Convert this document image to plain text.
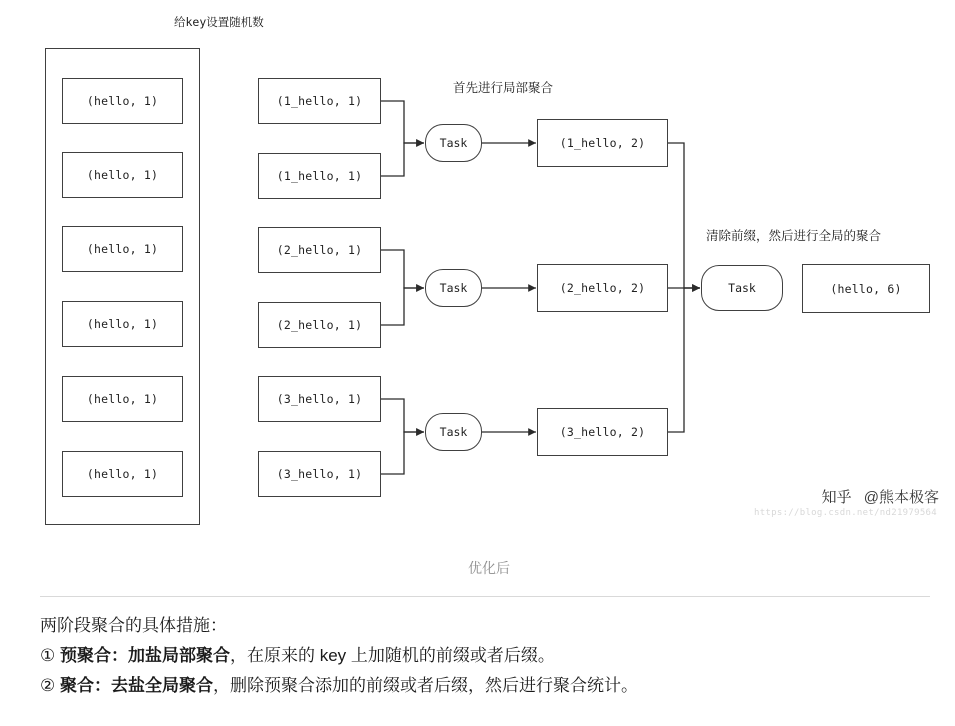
给key设置随机数
(hello, 1)
(hello, 1)
(hello, 1)
(hello, 1)
(hello, 1)
(hello, 1)
(1_hello, 1)
(1_hello, 1)
(2_hello, 1)
(2_hello, 1)
(3_hello, 1)
(3_hello, 1)
首先进行局部聚合
Task
Task
Task
(1_hello, 2)
(2_hello, 2)
(3_hello, 2)
清除前缀，然后进行全局的聚合
Task	(hello, 6)
优化后
知乎 @熊本极客
https://blog.csdn.net/nd21979564
两阶段聚合的具体措施：
① 预聚合：加盐局部聚合，在原来的 key 上加随机的前缀或者后缀。
② 聚合：去盐全局聚合，删除预聚合添加的前缀或者后缀，然后进行聚合统计。
